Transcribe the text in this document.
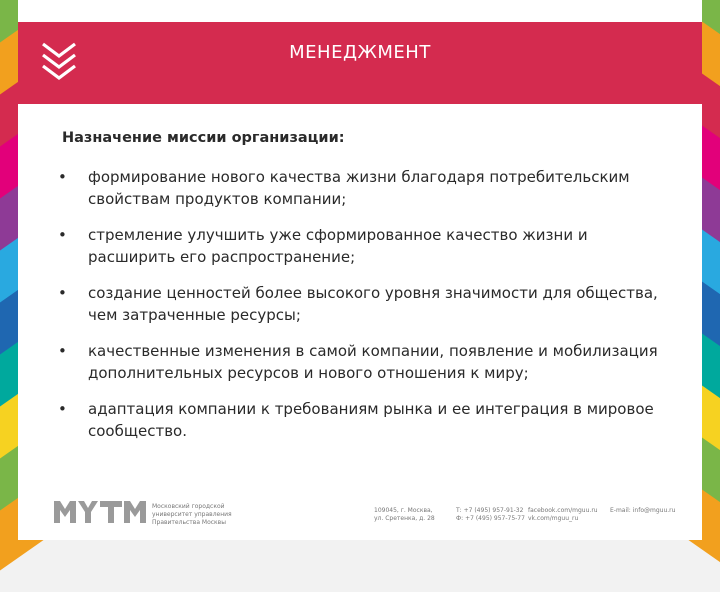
МЕНЕДЖМЕНТ
Назначение миссии организации:
• формирование нового качества жизни благодаря потребительским свойствам продуктов компании;
• стремление улучшить уже сформированное качество жизни и расширить его распространение;
• создание ценностей более высокого уровня значимости для общества, чем затраченные ресурсы;
• качественные изменения в самой компании, появление и мобилизация дополнительных ресурсов и нового отношения к миру;
• адаптация компании к требованиям рынка и ее интеграция в мировое сообщество.
Московский городской
университет управления
Правительства Москвы
109045, г. Москва,
ул. Сретенка, д. 28
Т: +7 (495) 957-91-32
Ф: +7 (495) 957-75-77
facebook.com/mguu.ru
vk.com/mguu_ru
E-mail: info@mguu.ru
